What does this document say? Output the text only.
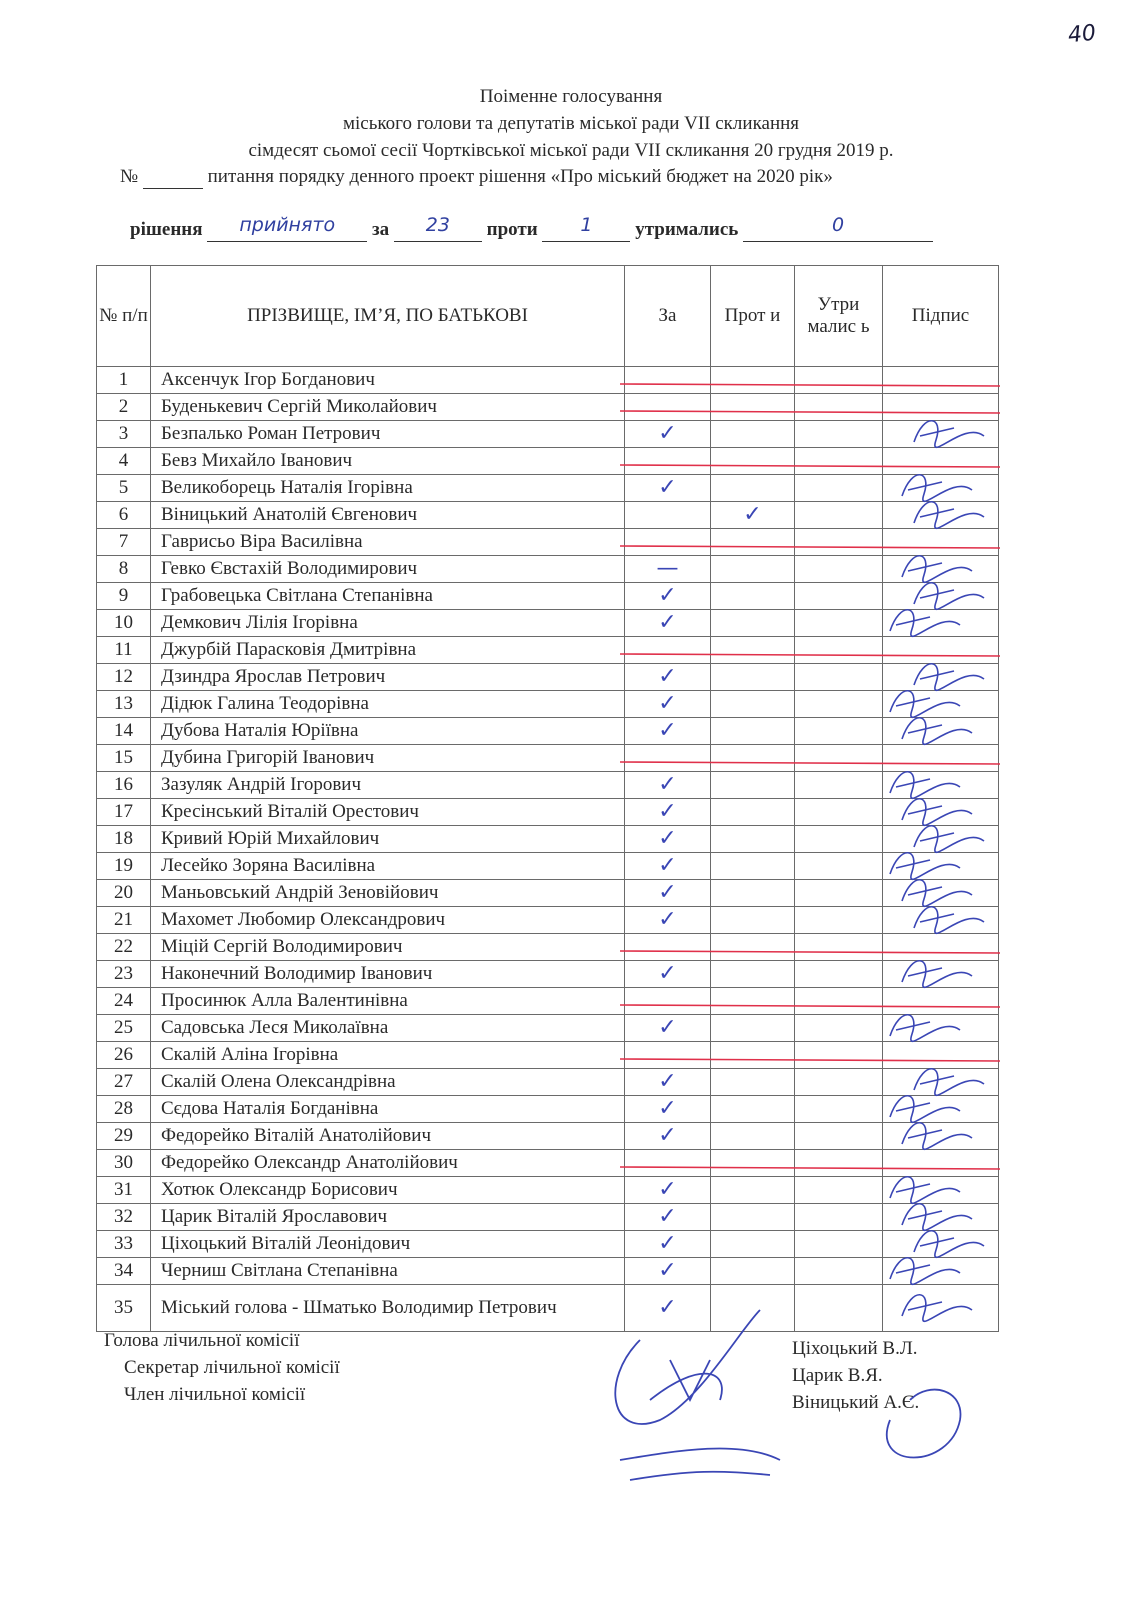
40
Поіменне голосування
міського голови та депутатів міської ради VII скликання
сімдесят сьомої сесії Чортківської міської ради VII скликання 20 грудня 2019 р.
№	питання порядку денного проект рішення «Про міський бюджет на 2020 рік»
рішення прийнято за 23 проти 1 утримались	0
№ п/п	ПРІЗВИЩЕ, ІМ’Я, ПО БАТЬКОВІ	За	Прот и	Утри малис ь	Підпис
1	Аксенчук Ігор Богданович				
2	Буденькевич Сергій Миколайович				
3	Безпалько Роман Петрович	✓			
4	Бевз Михайло Іванович				
5	Великоборець Наталія Ігорівна	✓			
6	Віницький Анатолій Євгенович		✓		
7	Гаврисьо Віра Василівна				
8	Гевко Євстахій Володимирович	—			
9	Грабовецька Світлана Степанівна	✓			
10	Демкович Лілія Ігорівна	✓			
11	Джурбій Парасковія Дмитрівна				
12	Дзиндра Ярослав Петрович	✓			
13	Дідюк Галина Теодорівна	✓			
14	Дубова Наталія Юріївна	✓			
15	Дубина Григорій Іванович				
16	Зазуляк Андрій Ігорович	✓			
17	Кресінський Віталій Орестович	✓			
18	Кривий Юрій Михайлович	✓			
19	Лесейко Зоряна Василівна	✓			
20	Маньовський Андрій Зеновійович	✓			
21	Махомет Любомир Олександрович	✓			
22	Міцій Сергій Володимирович				
23	Наконечний Володимир Іванович	✓			
24	Просинюк Алла Валентинівна				
25	Садовська Леся Миколаївна	✓			
26	Скалій Аліна Ігорівна				
27	Скалій Олена Олександрівна	✓			
28	Сєдова Наталія Богданівна	✓			
29	Федорейко Віталій Анатолійович	✓			
30	Федорейко Олександр Анатолійович				
31	Хотюк Олександр Борисович	✓			
32	Царик Віталій Ярославович	✓			
33	Ціхоцький Віталій Леонідович	✓			
34	Черниш Світлана Степанівна	✓			
35	Міський голова - Шматько Володимир Петрович	✓			
Голова лічильної комісії
Секретар лічильної комісії
Член лічильної комісії
Ціхоцький В.Л.
Царик В.Я.
Віницький А.Є.
